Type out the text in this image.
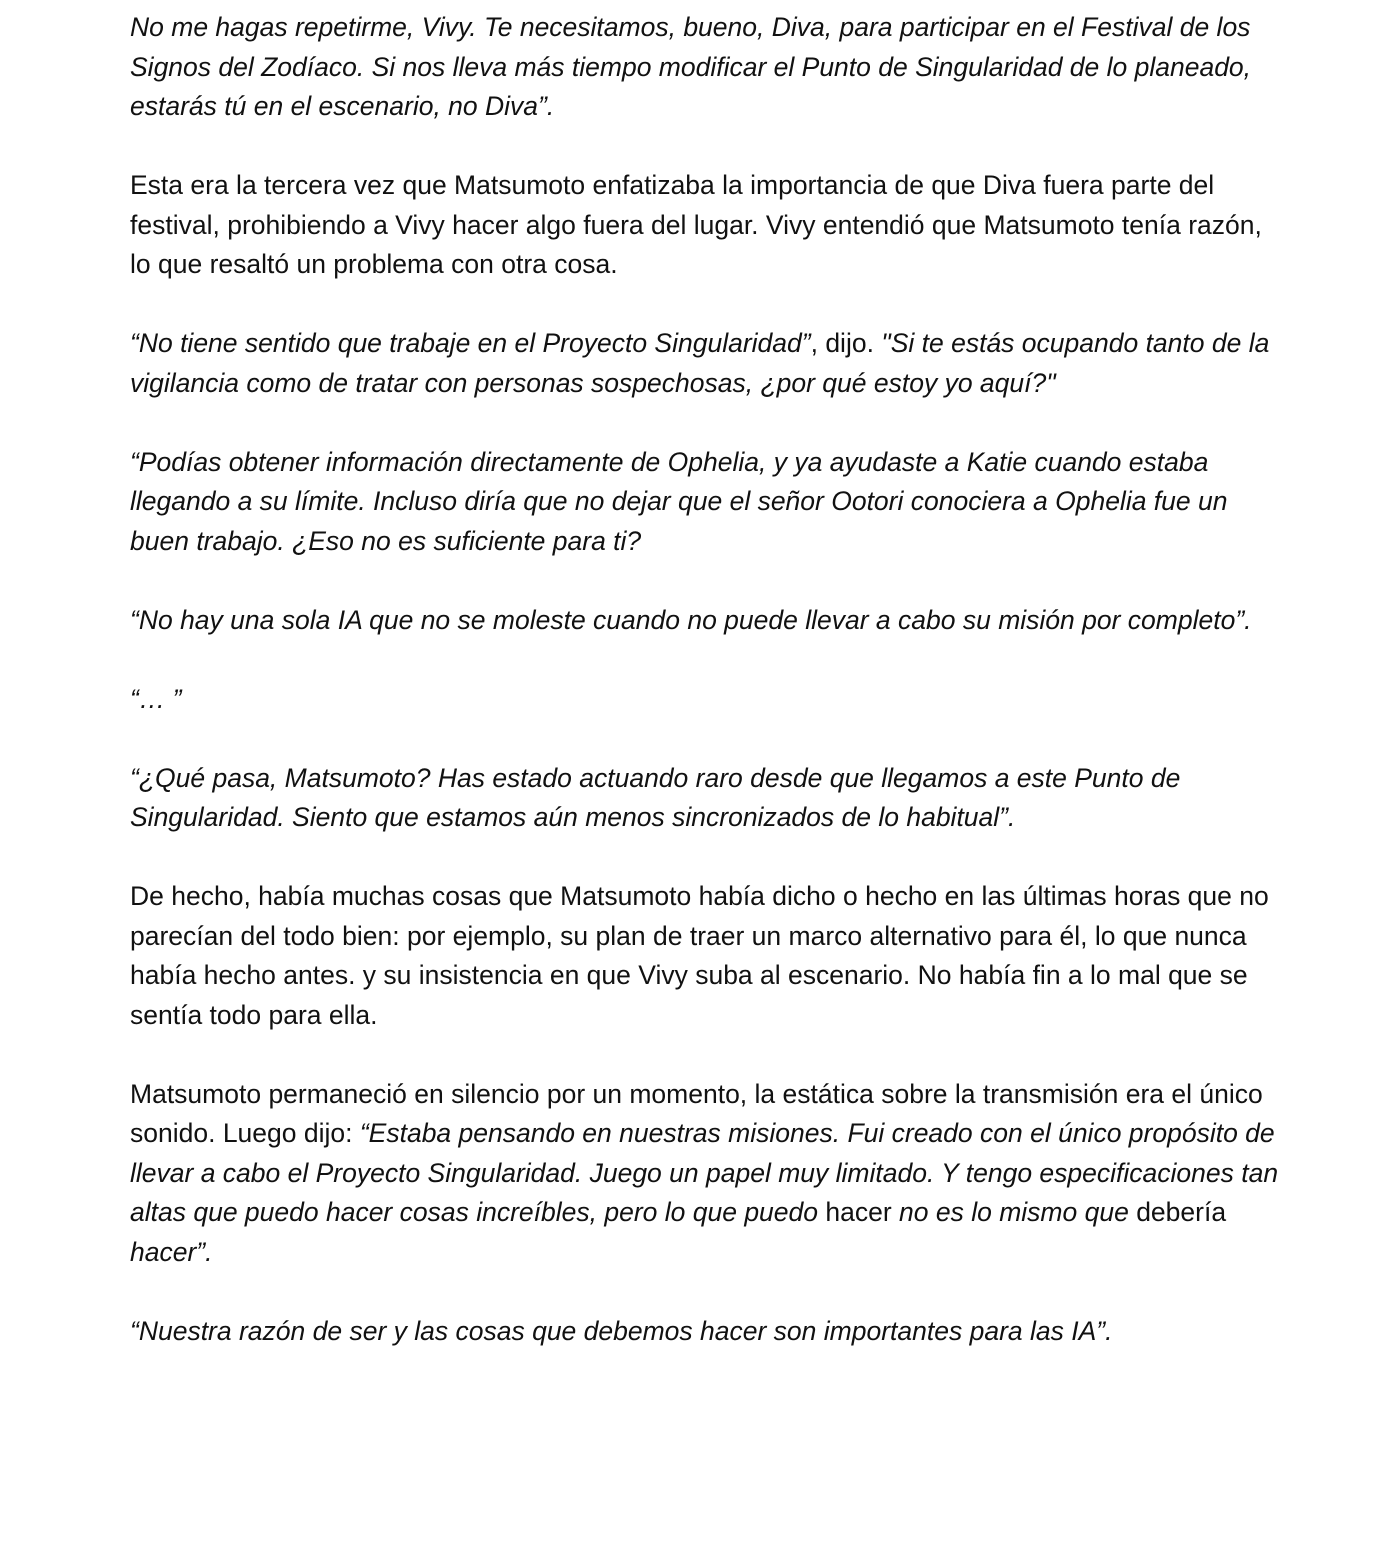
No me hagas repetirme, Vivy. Te necesitamos, bueno, Diva, para participar en el Festival de los Signos del Zodíaco. Si nos lleva más tiempo modificar el Punto de Singularidad de lo planeado, estarás tú en el escenario, no Diva”.

Esta era la tercera vez que Matsumoto enfatizaba la importancia de que Diva fuera parte del festival, prohibiendo a Vivy hacer algo fuera del lugar. Vivy entendió que Matsumoto tenía razón, lo que resaltó un problema con otra cosa.

“No tiene sentido que trabaje en el Proyecto Singularidad”, dijo. "Si te estás ocupando tanto de la vigilancia como de tratar con personas sospechosas, ¿por qué estoy yo aquí?"

“Podías obtener información directamente de Ophelia, y ya ayudaste a Katie cuando estaba llegando a su límite. Incluso diría que no dejar que el señor Ootori conociera a Ophelia fue un buen trabajo. ¿Eso no es suficiente para ti?

“No hay una sola IA que no se moleste cuando no puede llevar a cabo su misión por completo”.

“… ”

“¿Qué pasa, Matsumoto? Has estado actuando raro desde que llegamos a este Punto de Singularidad. Siento que estamos aún menos sincronizados de lo habitual”.

De hecho, había muchas cosas que Matsumoto había dicho o hecho en las últimas horas que no parecían del todo bien: por ejemplo, su plan de traer un marco alternativo para él, lo que nunca había hecho antes. y su insistencia en que Vivy suba al escenario. No había fin a lo mal que se sentía todo para ella.

Matsumoto permaneció en silencio por un momento, la estática sobre la transmisión era el único sonido. Luego dijo: “Estaba pensando en nuestras misiones. Fui creado con el único propósito de llevar a cabo el Proyecto Singularidad. Juego un papel muy limitado. Y tengo especificaciones tan altas que puedo hacer cosas increíbles, pero lo que puedo hacer no es lo mismo que debería hacer”.

“Nuestra razón de ser y las cosas que debemos hacer son importantes para las IA”.
